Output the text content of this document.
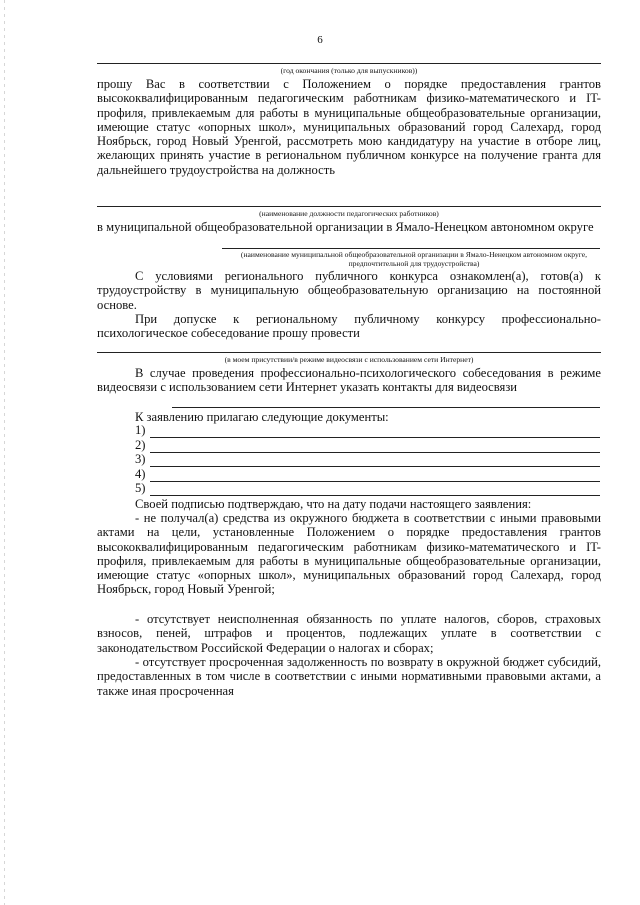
6
(год окончания (только для выпускников))
прошу Вас в соответствии с Положением о порядке предоставления грантов высококвалифицированным педагогическим работникам физико-математического и IT-профиля, привлекаемым для работы в муниципальные общеобразовательные организации, имеющие статус «опорных школ», муниципальных образований город Салехард, город Ноябрьск, город Новый Уренгой, рассмотреть мою кандидатуру на участие в отборе лиц, желающих принять участие в региональном публичном конкурсе на получение гранта для дальнейшего трудоустройства на должность
(наименование должности педагогических работников)
в муниципальной общеобразовательной организации в Ямало-Ненецком автономном округе
(наименование муниципальной общеобразовательной организации в Ямало-Ненецком автономном округе, предпочтительной для трудоустройства)
С условиями регионального публичного конкурса ознакомлен(а), готов(а) к трудоустройству в муниципальную общеобразовательную организацию на постоянной основе.
При допуске к региональному публичному конкурсу профессионально-психологическое собеседование прошу провести
(в моем присутствии/в режиме видеосвязи с использованием сети Интернет)
В случае проведения профессионально-психологического собеседования в режиме видеосвязи с использованием сети Интернет указать контакты для видеосвязи
К заявлению прилагаю следующие документы:
1)
2)
3)
4)
5)
Своей подписью подтверждаю, что на дату подачи настоящего заявления:
- не получал(а) средства из окружного бюджета в соответствии с иными правовыми актами на цели, установленные Положением о порядке предоставления грантов высококвалифицированным педагогическим работникам физико-математического и IT-профиля, привлекаемым для работы в муниципальные общеобразовательные организации, имеющие статус «опорных школ», муниципальных образований город Салехард, город Ноябрьск, город Новый Уренгой;
- отсутствует неисполненная обязанность по уплате налогов, сборов, страховых взносов, пеней, штрафов и процентов, подлежащих уплате в соответствии с законодательством Российской Федерации о налогах и сборах;
- отсутствует просроченная задолженность по возврату в окружной бюджет субсидий, предоставленных в том числе в соответствии с иными нормативными правовыми актами, а также иная просроченная
